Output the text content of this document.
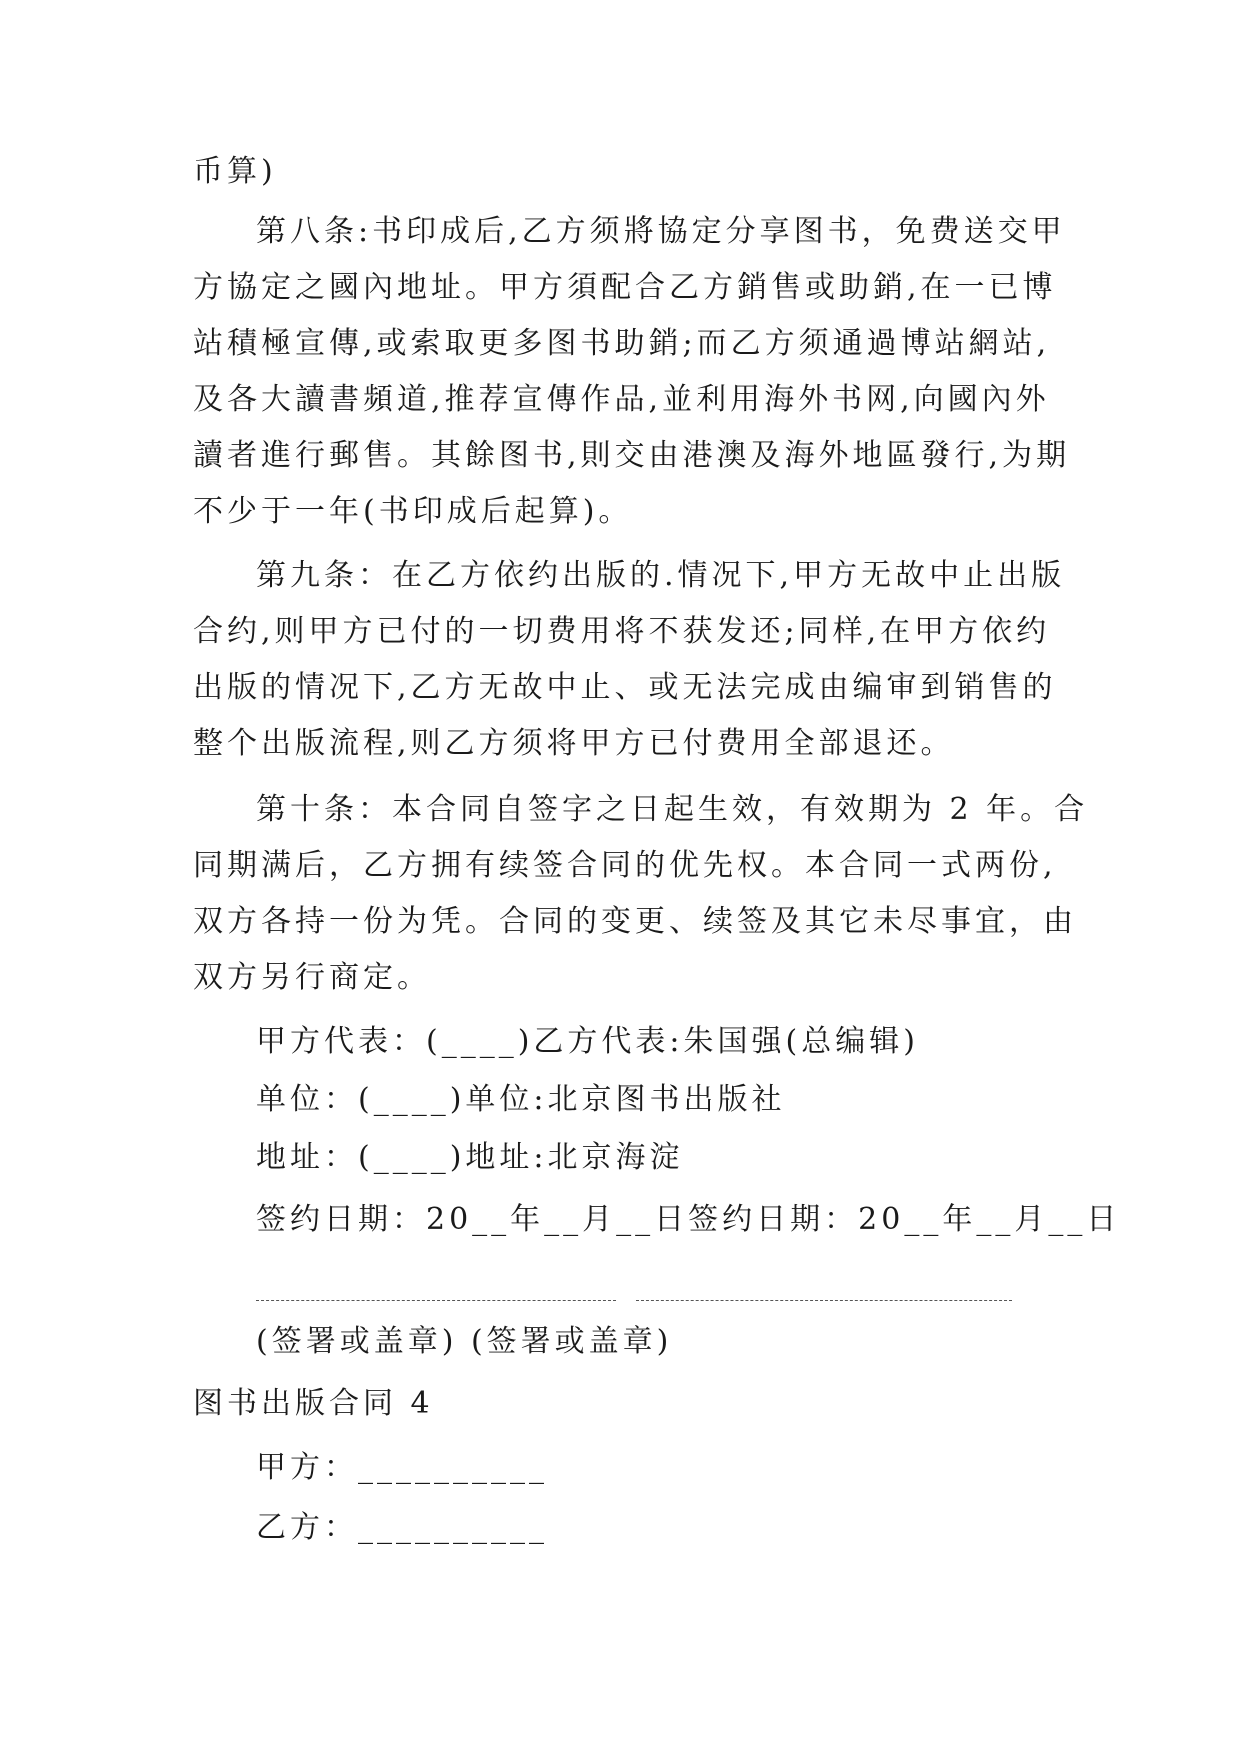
币算)
第八条:书印成后,乙方须將協定分享图书，免费送交甲
方協定之國內地址。甲方須配合乙方銷售或助銷,在一已博
站積極宣傳,或索取更多图书助銷;而乙方须通過博站網站,
及各大讀書頻道,推荐宣傳作品,並利用海外书网,向國內外
讀者進行郵售。其餘图书,則交由港澳及海外地區發行,为期
不少于一年(书印成后起算)。
第九条：在乙方依约出版的.情况下,甲方无故中止出版
合约,则甲方已付的一切费用将不获发还;同样,在甲方依约
出版的情况下,乙方无故中止、或无法完成由编审到销售的
整个出版流程,则乙方须将甲方已付费用全部退还。
第十条：本合同自签字之日起生效，有效期为 2 年。合
同期满后，乙方拥有续签合同的优先权。本合同一式两份,
双方各持一份为凭。合同的变更、续签及其它未尽事宜，由
双方另行商定。
甲方代表：(____)乙方代表:朱国强(总编辑)
单位：(____)单位:北京图书出版社
地址：(____)地址:北京海淀
签约日期：20__年__月__日签约日期：20__年__月__日
(签署或盖章) (签署或盖章)
图书出版合同 4
甲方：__________
乙方：__________
